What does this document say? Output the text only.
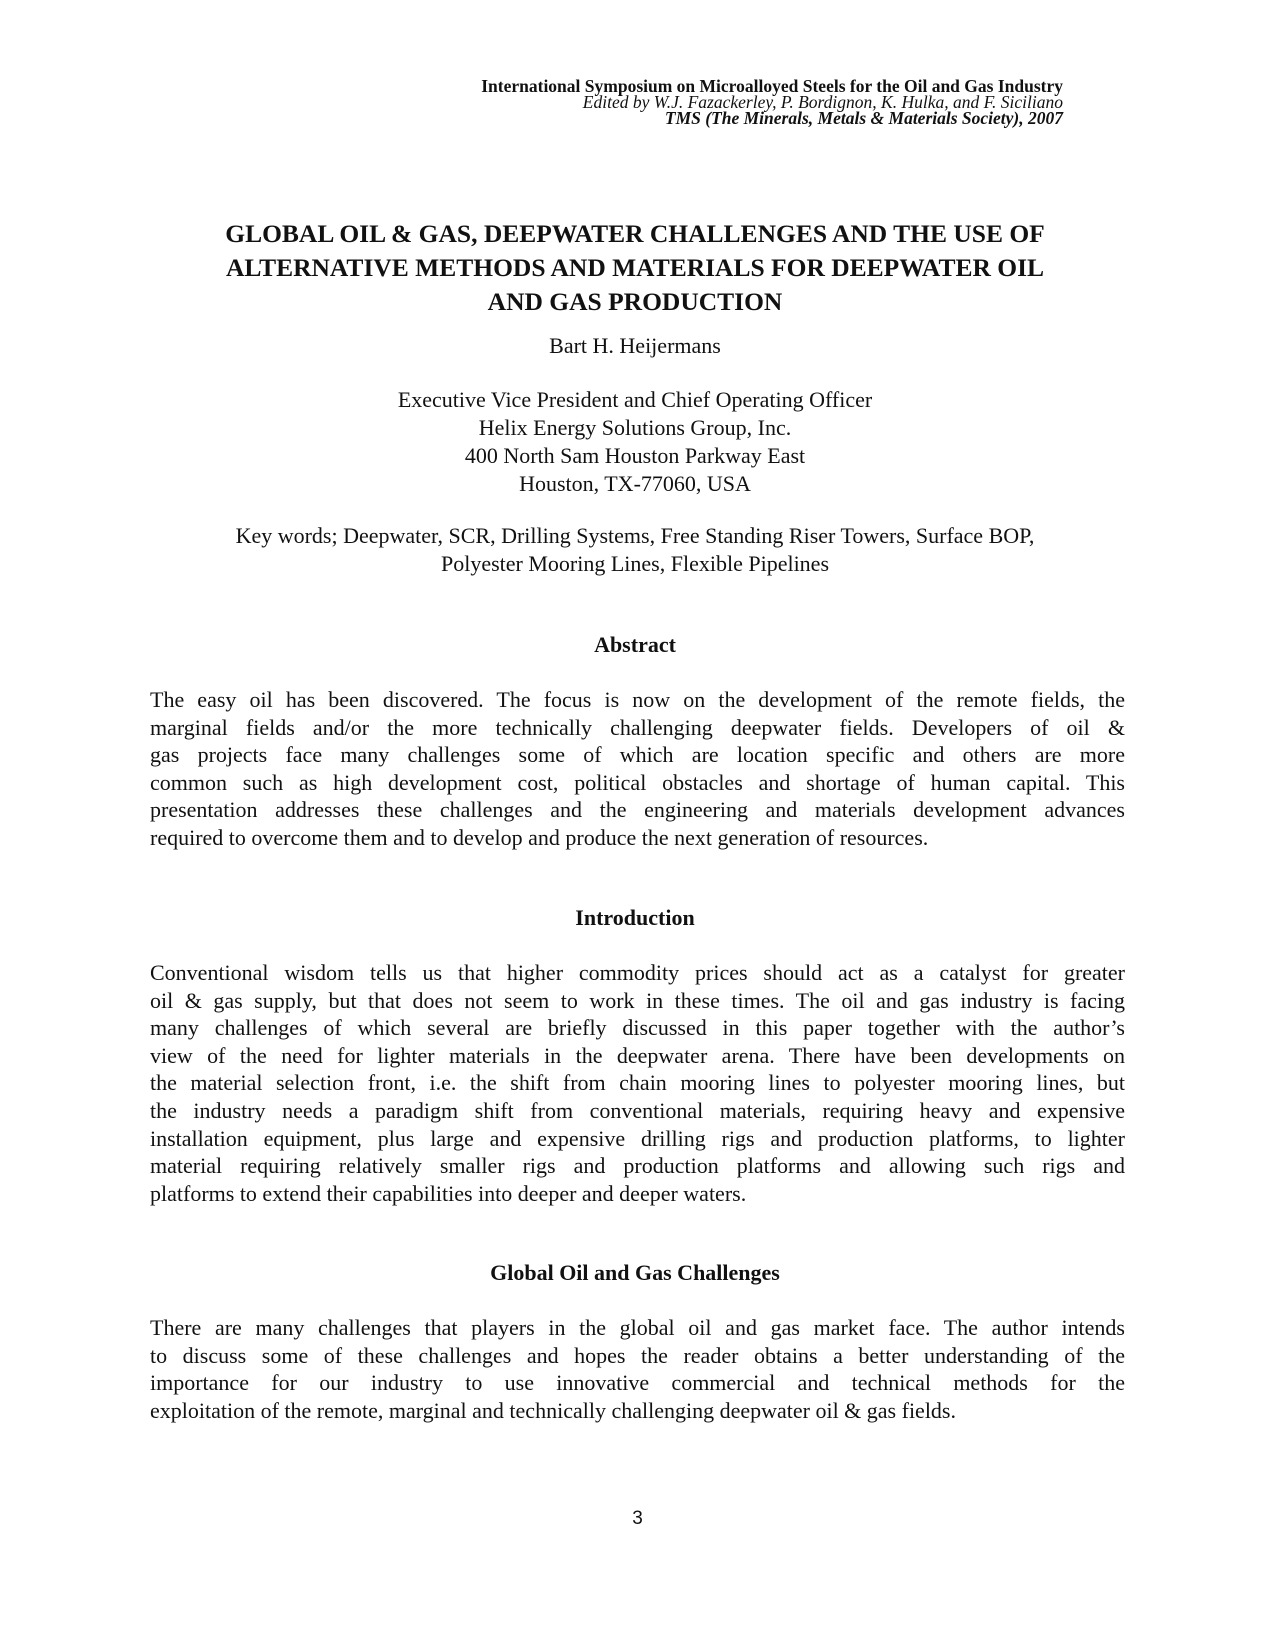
International Symposium on Microalloyed Steels for the Oil and Gas Industry
Edited by W.J. Fazackerley, P. Bordignon, K. Hulka, and F. Siciliano
TMS (The Minerals, Metals & Materials Society), 2007
GLOBAL OIL & GAS, DEEPWATER CHALLENGES AND THE USE OF
ALTERNATIVE METHODS AND MATERIALS FOR DEEPWATER OIL
AND GAS PRODUCTION
Bart H. Heijermans
Executive Vice President and Chief Operating Officer
Helix Energy Solutions Group, Inc.
400 North Sam Houston Parkway East
Houston, TX-77060, USA
Key words; Deepwater, SCR, Drilling Systems, Free Standing Riser Towers, Surface BOP,
Polyester Mooring Lines, Flexible Pipelines
Abstract
The easy oil has been discovered. The focus is now on the development of the remote fields, the
marginal fields and/or the more technically challenging deepwater fields. Developers of oil &
gas projects face many challenges some of which are location specific and others are more
common such as high development cost, political obstacles and shortage of human capital. This
presentation addresses these challenges and the engineering and materials development advances
required to overcome them and to develop and produce the next generation of resources.
Introduction
Conventional wisdom tells us that higher commodity prices should act as a catalyst for greater
oil & gas supply, but that does not seem to work in these times. The oil and gas industry is facing
many challenges of which several are briefly discussed in this paper together with the author’s
view of the need for lighter materials in the deepwater arena. There have been developments on
the material selection front, i.e. the shift from chain mooring lines to polyester mooring lines, but
the industry needs a paradigm shift from conventional materials, requiring heavy and expensive
installation equipment, plus large and expensive drilling rigs and production platforms, to lighter
material requiring relatively smaller rigs and production platforms and allowing such rigs and
platforms to extend their capabilities into deeper and deeper waters.
Global Oil and Gas Challenges
There are many challenges that players in the global oil and gas market face. The author intends
to discuss some of these challenges and hopes the reader obtains a better understanding of the
importance for our industry to use innovative commercial and technical methods for the
exploitation of the remote, marginal and technically challenging deepwater oil & gas fields.
3
